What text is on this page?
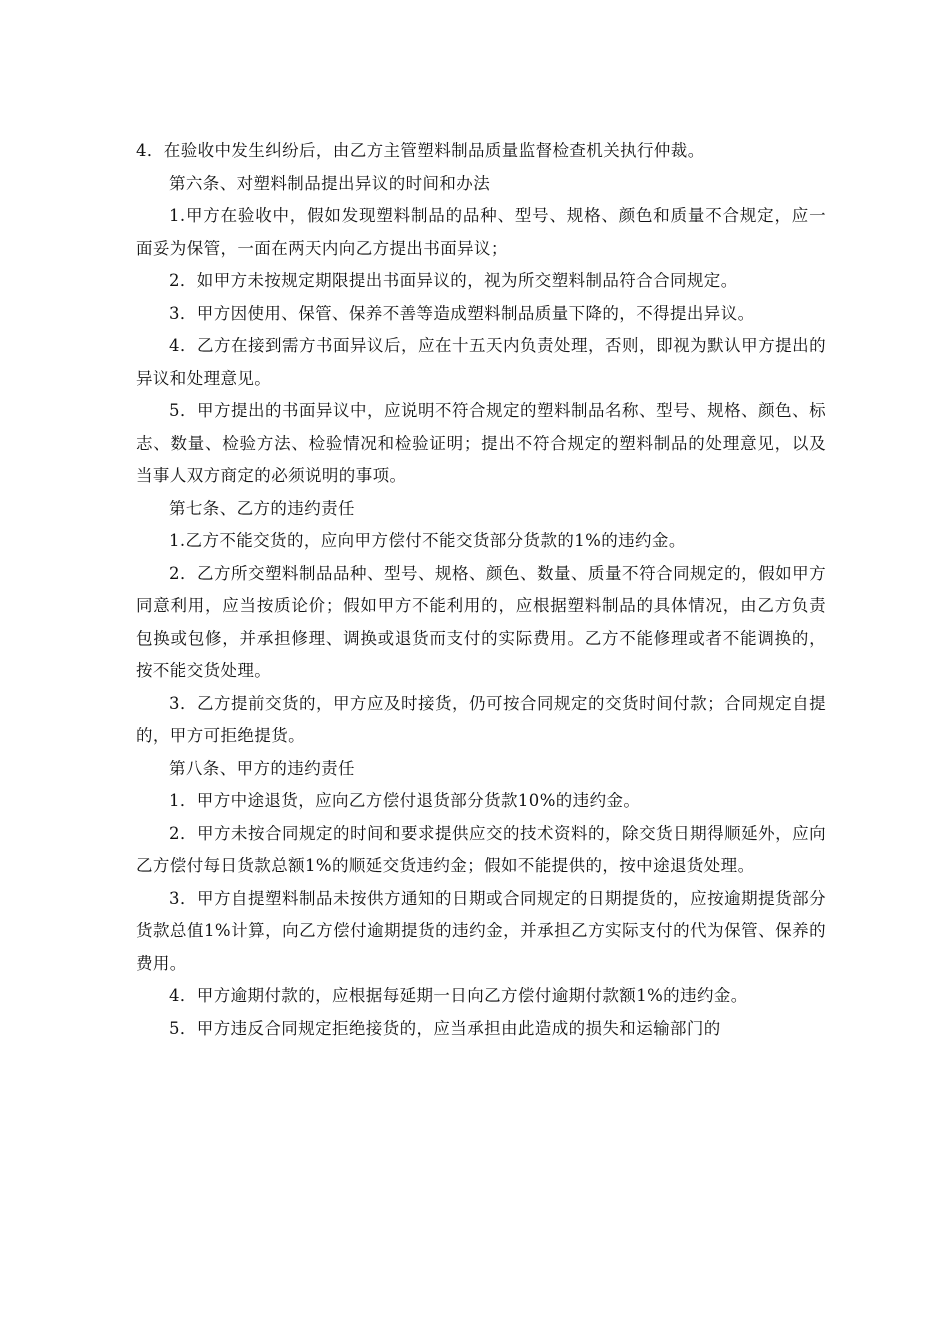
4．在验收中发生纠纷后，由乙方主管塑料制品质量监督检查机关执行仲裁。

第六条、对塑料制品提出异议的时间和办法

1.甲方在验收中，假如发现塑料制品的品种、型号、规格、颜色和质量不合规定，应一面妥为保管，一面在两天内向乙方提出书面异议；

2．如甲方未按规定期限提出书面异议的，视为所交塑料制品符合合同规定。

3．甲方因使用、保管、保养不善等造成塑料制品质量下降的，不得提出异议。

4．乙方在接到需方书面异议后，应在十五天内负责处理，否则，即视为默认甲方提出的异议和处理意见。

5．甲方提出的书面异议中，应说明不符合规定的塑料制品名称、型号、规格、颜色、标志、数量、检验方法、检验情况和检验证明；提出不符合规定的塑料制品的处理意见，以及当事人双方商定的必须说明的事项。

第七条、乙方的违约责任

1.乙方不能交货的，应向甲方偿付不能交货部分货款的1%的违约金。

2．乙方所交塑料制品品种、型号、规格、颜色、数量、质量不符合同规定的，假如甲方同意利用，应当按质论价；假如甲方不能利用的，应根据塑料制品的具体情况，由乙方负责包换或包修，并承担修理、调换或退货而支付的实际费用。乙方不能修理或者不能调换的，按不能交货处理。

3．乙方提前交货的，甲方应及时接货，仍可按合同规定的交货时间付款；合同规定自提的，甲方可拒绝提货。

第八条、甲方的违约责任

1．甲方中途退货，应向乙方偿付退货部分货款10%的违约金。

2．甲方未按合同规定的时间和要求提供应交的技术资料的，除交货日期得顺延外，应向乙方偿付每日货款总额1%的顺延交货违约金；假如不能提供的，按中途退货处理。

3．甲方自提塑料制品未按供方通知的日期或合同规定的日期提货的，应按逾期提货部分货款总值1%计算，向乙方偿付逾期提货的违约金，并承担乙方实际支付的代为保管、保养的费用。

4．甲方逾期付款的，应根据每延期一日向乙方偿付逾期付款额1%的违约金。

5．甲方违反合同规定拒绝接货的，应当承担由此造成的损失和运输部门的
